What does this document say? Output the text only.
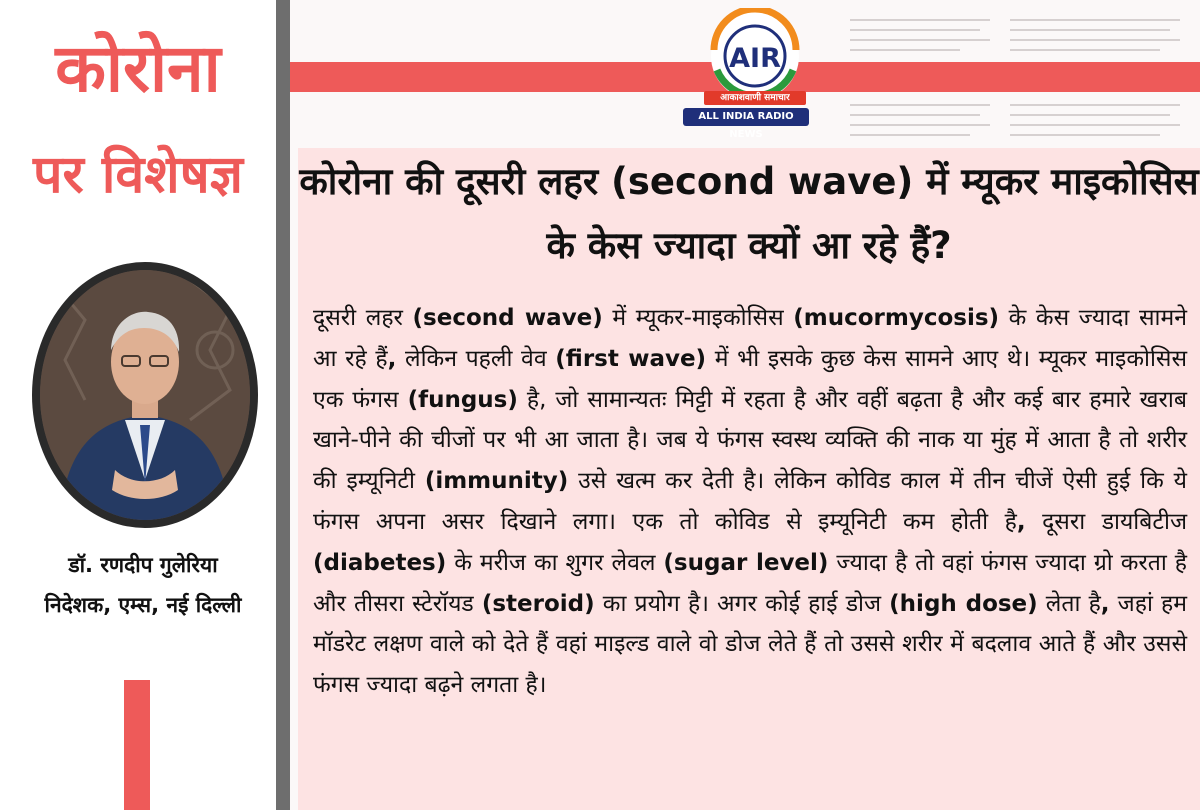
कोरोना
पर विशेषज्ञ
डॉ. रणदीप गुलेरिया
निदेशक, एम्स, नई दिल्ली
AIR
आकाशवाणी समाचार
ALL INDIA RADIO NEWS
कोरोना की दूसरी लहर (second wave) में म्यूकर माइकोसिस के केस ज्यादा क्यों आ रहे हैं?
दूसरी लहर (second wave) में म्यूकर-माइकोसिस (mucormycosis) के केस ज्यादा सामने आ रहे हैं, लेकिन पहली वेव (first wave) में भी इसके कुछ केस सामने आए थे। म्यूकर माइकोसिस एक फंगस (fungus) है, जो सामान्यतः मिट्टी में रहता है और वहीं बढ़ता है और कई बार हमारे खराब खाने-पीने की चीजों पर भी आ जाता है। जब ये फंगस स्वस्थ व्यक्ति की नाक या मुंह में आता है तो शरीर की इम्यूनिटी (immunity) उसे खत्म कर देती है। लेकिन कोविड काल में तीन चीजें ऐसी हुई कि ये फंगस अपना असर दिखाने लगा। एक तो कोविड से इम्यूनिटी कम होती है, दूसरा डायबिटीज (diabetes) के मरीज का शुगर लेवल (sugar level) ज्यादा है तो वहां फंगस ज्यादा ग्रो करता है और तीसरा स्टेरॉयड (steroid) का प्रयोग है। अगर कोई हाई डोज (high dose) लेता है, जहां हम मॉडरेट लक्षण वाले को देते हैं वहां माइल्ड वाले वो डोज लेते हैं तो उससे शरीर में बदलाव आते हैं और उससे फंगस ज्यादा बढ़ने लगता है।
